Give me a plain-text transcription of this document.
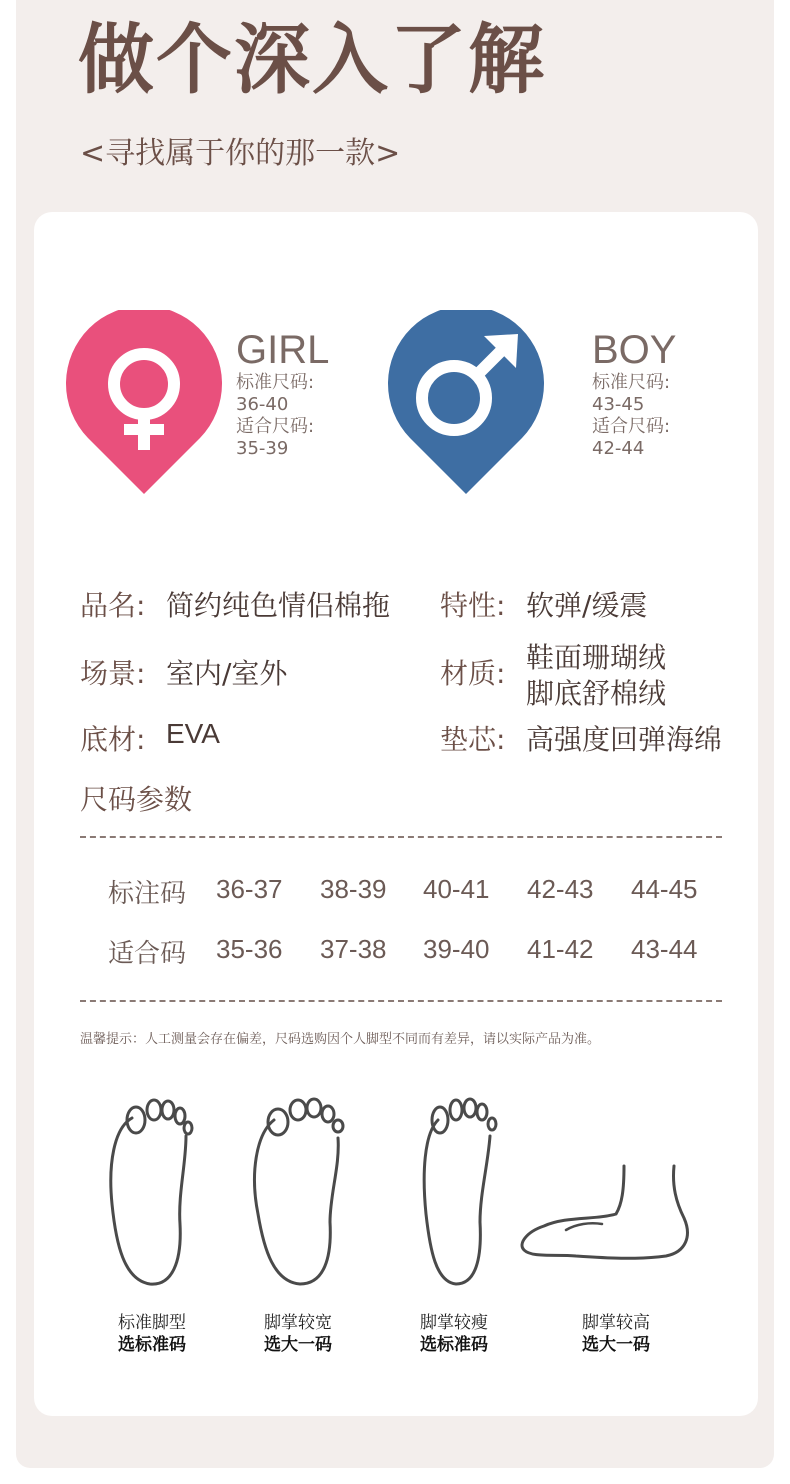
做个深入了解
<寻找属于你的那一款>
GIRL
标准尺码:
36-40
适合尺码:
35-39
BOY
标准尺码:
43-45
适合尺码:
42-44
品名: 简约纯色情侣棉拖 特性: 软弹/缓震
场景: 室内/室外	材质: 鞋面珊瑚绒
脚底舒棉绒
底材: EVA	垫芯: 高强度回弹海绵
尺码参数
标注码 36-37 38-39 40-41 42-43 44-45
适合码 35-36 37-38 39-40 41-42 43-44
温馨提示：人工测量会存在偏差，尺码选购因个人脚型不同而有差异，请以实际产品为准。
标准脚型
选标准码
脚掌较宽
选大一码
脚掌较瘦
选标准码
脚掌较高
选大一码
